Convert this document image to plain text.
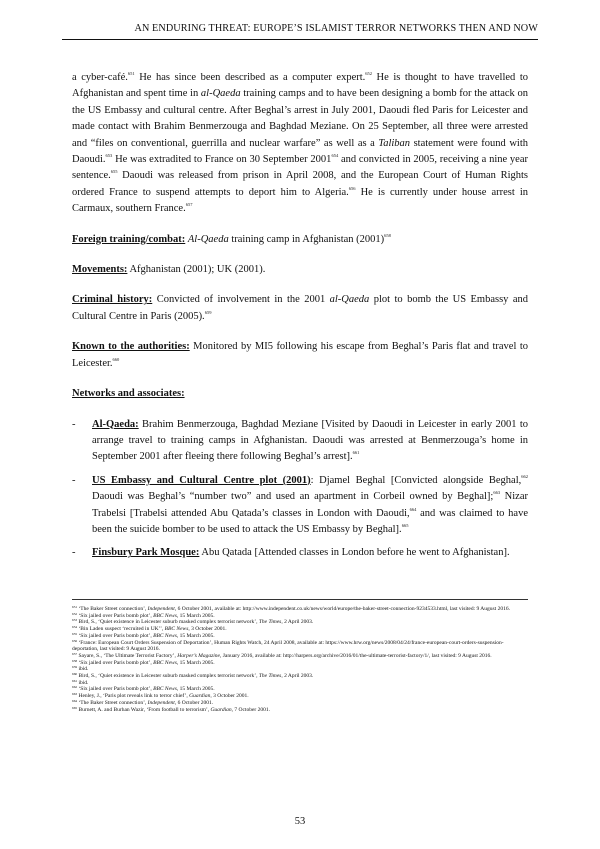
AN ENDURING THREAT: EUROPE’S ISLAMIST TERROR NETWORKS THEN AND NOW

a cyber-café.$^{651}$ He has since been described as a computer expert.$^{652}$ He is thought to have travelled to Afghanistan and spent time in al-Qaeda training camps and to have been designing a bomb for the attack on the US Embassy and cultural centre. After Beghal’s arrest in July 2001, Daoudi fled Paris for Leicester and made contact with Brahim Benmerzouga and Baghdad Meziane. On 25 September, all three were arrested and “files on conventional, guerrilla and nuclear warfare” as well as a Taliban statement were found with Daoudi.$^{653}$ He was extradited to France on 30 September 2001$^{654}$ and convicted in 2005, receiving a nine year sentence.$^{655}$ Daoudi was released from prison in April 2008, and the European Court of Human Rights ordered France to suspend attempts to deport him to Algeria.$^{656}$ He is currently under house arrest in Carmaux, southern France.$^{657}$

Foreign training/combat: Al-Qaeda training camp in Afghanistan $(2001)^{658}$

Movements: Afghanistan (2001); UK (2001).

Criminal history: Convicted of involvement in the 2001 al-Qaeda plot to bomb the US Embassy and Cultural Centre in Paris (2005).$^{659}$

Known to the authorities: Monitored by MI5 following his escape from Beghal’s Paris flat and travel to Leicester.$^{660}$

Networks and associates:

- Al-Qaeda: Brahim Benmerzouga, Baghdad Meziane [Visited by Daoudi in Leicester in early 2001 to arrange travel to training camps in Afghanistan. Daoudi was arrested at Benmerzouga’s home in September 2001 after fleeing there following Beghal’s arrest].$^{661}$
- US Embassy and Cultural Centre plot (2001): Djamel Beghal [Convicted alongside Beghal,$^{662}$ Daoudi was Beghal’s “number two” and used an apartment in Corbeil owned by Beghal];$^{663}$ Nizar Trabelsi [Trabelsi attended Abu Qatada’s classes in London with Daoudi,$^{664}$ and was claimed to have been the suicide bomber to be used to attack the US Embassy by Beghal].$^{665}$
- Finsbury Park Mosque: Abu Qatada [Attended classes in London before he went to Afghanistan].
$^{651}$ ‘The Baker Street connection’, Independent, 6 October 2001, available at: http://www.independent.co.uk/news/world/europe/the-baker-street-connection-9234533.html, last visited: 9 August 2016.
$^{652}$ ‘Six jailed over Paris bomb plot’, BBC News, 15 March 2005.
$^{653}$ Bird, S., ‘Quiet existence in Leicester suburb masked complex terrorist network’, The Times, 2 April 2003.
$^{654}$ ‘Bin Laden suspect ‘recruited in UK’’, BBC News, 3 October 2001.
$^{655}$ ‘Six jailed over Paris bomb plot’, BBC News, 15 March 2005.
$^{656}$ ‘France: European Court Orders Suspension of Deportation’, Human Rights Watch, 24 April 2008, available at: https://www.hrw.org/news/2008/04/24/france-european-court-orders-suspension-deportation, last visited: 9 August 2016.
$^{657}$ Sayare, S., ‘The Ultimate Terrorist Factory’, Harper’s Magazine, January 2016, available at: http://harpers.org/archive/2016/01/the-ultimate-terrorist-factory/1/, last visited: 9 August 2016.
$^{658}$ ‘Six jailed over Paris bomb plot’, BBC News, 15 March 2005.
$^{659}$ ibid.
$^{660}$ Bird, S., ‘Quiet existence in Leicester suburb masked complex terrorist network’, The Times, 2 April 2003.
$^{661}$ ibid.
$^{662}$ ‘Six jailed over Paris bomb plot’, BBC News, 15 March 2005.
$^{663}$ Henley, J., ‘Paris plot reveals link to terror chief’, Guardian, 3 October 2001.
$^{664}$ ‘The Baker Street connection’, Independent, 6 October 2001.
$^{665}$ Burnett, A. and Burhan Wazir, ‘From football to terrorism’, Guardian, 7 October 2001.
53
